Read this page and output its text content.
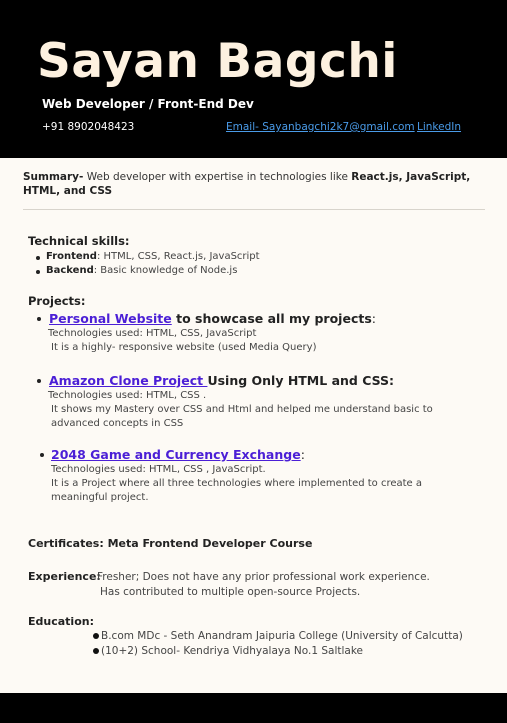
Sayan Bagchi
Web Developer / Front-End Dev
+91 8902048423	Email- Sayanbagchi2k7@gmail.com LinkedIn
Summary- Web developer with expertise in technologies like React.js, JavaScript, HTML, and CSS
Technical skills:
Frontend: HTML, CSS, React.js, JavaScript
Backend: Basic knowledge of Node.js
Projects:
Personal Website to showcase all my projects:
Technologies used: HTML, CSS, JavaScript
It is a highly- responsive website (used Media Query)
Amazon Clone Project Using Only HTML and CSS:
Technologies used: HTML, CSS .
It shows my Mastery over CSS and Html and helped me understand basic to advanced concepts in CSS
2048 Game and Currency Exchange:
Technologies used: HTML, CSS , JavaScript.
It is a Project where all three technologies where implemented to create a meaningful project.
Certificates: Meta Frontend Developer Course
Experience:
Fresher; Does not have any prior professional work experience.
Has contributed to multiple open-source Projects.
Education:
B.com MDc - Seth Anandram Jaipuria College (University of Calcutta)
(10+2) School- Kendriya Vidhyalaya No.1 Saltlake
